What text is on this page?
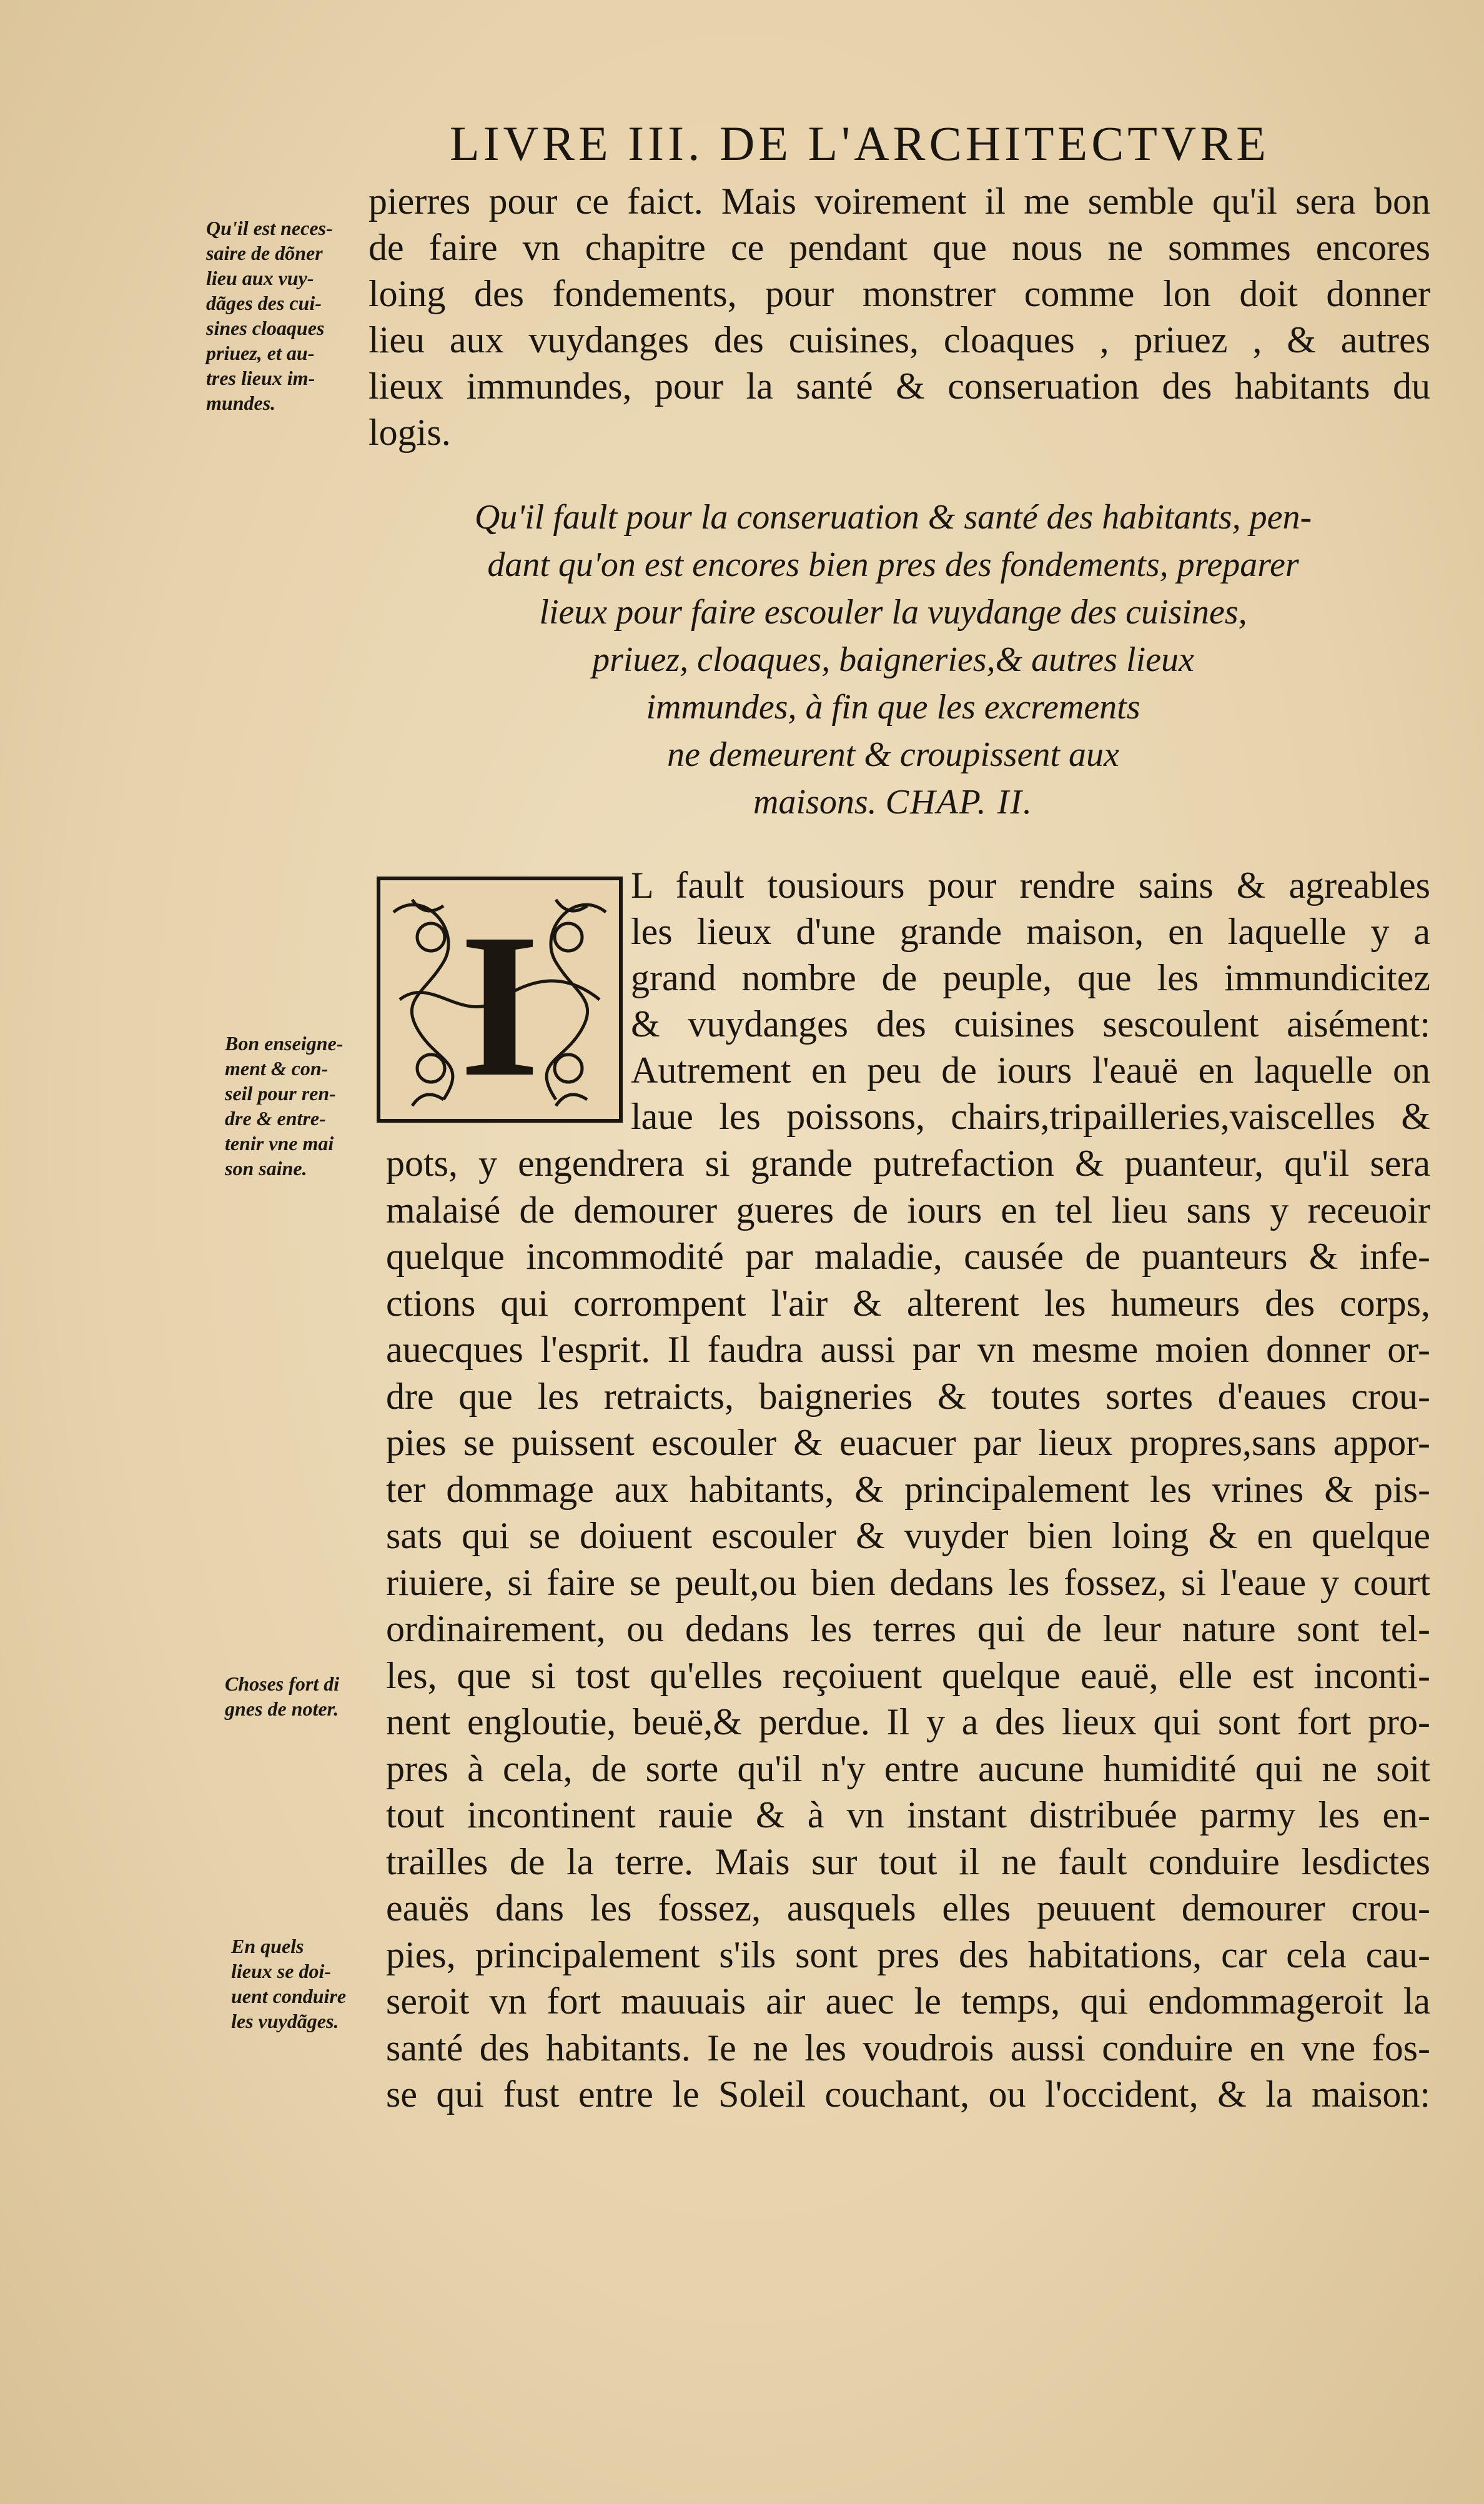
LIVRE III. DE L'ARCHITECTVRE
pierres pour ce faict. Mais voirement il me semble qu'il sera bon
de faire vn chapitre ce pendant que nous ne sommes encores
loing des fondements, pour monstrer comme lon doit donner
lieu aux vuydanges des cuisines, cloaques , priuez , & autres
lieux immundes, pour la santé & conseruation des habitants du
logis.
Qu'il fault pour la conseruation & santé des habitants, pen-
dant qu'on est encores bien pres des fondements, preparer
lieux pour faire escouler la vuydange des cuisines,
priuez, cloaques, baigneries,& autres lieux
immundes, à fin que les excrements
ne demeurent & croupissent aux
maisons. CHAP. II.
I
L fault tousiours pour rendre sains & agreables
les lieux d'une grande maison, en laquelle y a
grand nombre de peuple, que les immundicitez
& vuydanges des cuisines sescoulent aisément:
Autrement en peu de iours l'eauë en laquelle on
laue les poissons, chairs,tripailleries,vaiscelles &
pots, y engendrera si grande putrefaction & puanteur, qu'il sera
malaisé de demourer gueres de iours en tel lieu sans y receuoir
quelque incommodité par maladie, causée de puanteurs & infe-
ctions qui corrompent l'air & alterent les humeurs des corps,
auecques l'esprit. Il faudra aussi par vn mesme moien donner or-
dre que les retraicts, baigneries & toutes sortes d'eaues crou-
pies se puissent escouler & euacuer par lieux propres,sans appor-
ter dommage aux habitants, & principalement les vrines & pis-
sats qui se doiuent escouler & vuyder bien loing & en quelque
riuiere, si faire se peult,ou bien dedans les fossez, si l'eaue y court
ordinairement, ou dedans les terres qui de leur nature sont tel-
les, que si tost qu'elles reçoiuent quelque eauë, elle est inconti-
nent engloutie, beuë,& perdue. Il y a des lieux qui sont fort pro-
pres à cela, de sorte qu'il n'y entre aucune humidité qui ne soit
tout incontinent rauie & à vn instant distribuée parmy les en-
trailles de la terre. Mais sur tout il ne fault conduire lesdictes
eauës dans les fossez, ausquels elles peuuent demourer crou-
pies, principalement s'ils sont pres des habitations, car cela cau-
seroit vn fort mauuais air auec le temps, qui endommageroit la
santé des habitants. Ie ne les voudrois aussi conduire en vne fos-
se qui fust entre le Soleil couchant, ou l'occident, & la maison:
Qu'il est neces-
saire de dõner
lieu aux vuy-
dãges des cui-
sines cloaques
priuez, et au-
tres lieux im-
mundes.
Bon enseigne-
ment & con-
seil pour ren-
dre & entre-
tenir vne mai
son saine.
Choses fort di
gnes de noter.
En quels
lieux se doi-
uent conduire
les vuydãges.
